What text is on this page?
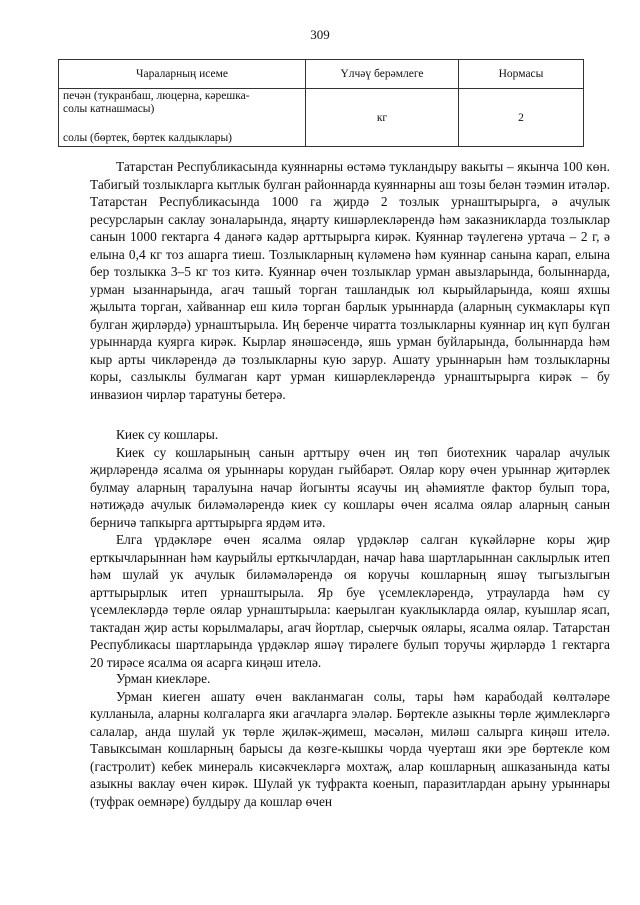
309
Чараларның исеме	Үлчәү берәмлеге	Нормасы

печән (тукранбаш, люцерна, кәрешка-
солы катнашмасы)
солы (бөртек, бөртек калдыклары)	кг	2

Татарстан Республикасында куяннарны өстәмә тукландыру вакыты – якынча 100 көн. Табигый тозлыкларга кытлык булган районнарда куяннарны аш тозы белән тәэмин итәләр. Татарстан Республикасында 1000 га җирдә 2 тозлык урнаштырырга, ә ачулык ресурсларын саклау зоналарында, яңарту кишәрлекләрендә һәм заказникларда тозлыклар санын 1000 гектарга 4 данәгә кадәр арттырырга кирәк. Куяннар тәүлегенә уртача – 2 г, ә елына 0,4 кг тоз ашарга тиеш. Тозлыкларның күләменә һәм куяннар санына карап, елына бер тозлыкка 3–5 кг тоз китә. Куяннар өчен тозлыклар урман авызларында, болыннарда, урман ызаннарында, агач ташый торган ташландык юл кырыйларында, кояш яхшы җылыта торган, хайваннар еш килә торган барлык урыннарда (аларның сукмаклары күп булган җирләрдә) урнаштырыла. Иң беренче чиратта тозлыкларны куяннар иң күп булган урыннарда куярга кирәк. Кырлар янәшәсендә, яшь урман буйларында, болыннарда һәм кыр арты чикләрендә дә тозлыкларны кую зарур. Ашату урыннарын һәм тозлыкларны коры, сазлыклы булмаган карт урман кишәрлекләрендә урнаштырырга кирәк – бу инвазион чирләр таратуны бетерә.

Киек су кошлары.

Киек су кошларының санын арттыру өчен иң төп биотехник чаралар ачулык җирләрендә ясалма оя урыннары корудан гыйбарәт. Оялар кору өчен урыннар җитәрлек булмау аларның таралуына начар йогынты ясаучы иң әһәмиятле фактор булып тора, нәтиҗәдә ачулык биләмәләрендә киек су кошлары өчен ясалма оялар аларның санын берничә тапкырга арттырырга ярдәм итә.

Елга үрдәкләре өчен ясалма оялар үрдәкләр салган күкәйләрне коры җир ерткычларыннан һәм каурыйлы ерткычлардан, начар һава шартларыннан саклырлык итеп һәм шулай ук ачулык биләмәләрендә оя коручы кошларның яшәү тыгызлыгын арттырырлык итеп урнаштырыла. Яр буе үсемлекләрендә, утрауларда һәм су үсемлекләрдә төрле оялар урнаштырыла: каерылган куаклыкларда оялар, куышлар ясап, тактадан җир асты корылмалары, агач йортлар, сыерчык оялары, ясалма оялар. Татарстан Республикасы шартларында үрдәкләр яшәү тирәлеге булып торучы җирләрдә 1 гектарга 20 тирәсе ясалма оя асарга киңәш ителә.

Урман киекләре.

Урман киеген ашату өчен вакланмаган солы, тары һәм карабодай көлтәләре кулланыла, аларны колгаларга яки агачларга эләләр. Бөртекле азыкны төрле җимлекләргә салалар, анда шулай ук төрле җиләк-җимеш, мәсәлән, миләш салырга киңәш ителә. Тавыксыман кошларның барысы да көзге-кышкы чорда чуерташ яки эре бөртекле ком (гастролит) кебек минераль кисәкчекләргә мохтаҗ, алар кошларның ашказанында каты азыкны ваклау өчен кирәк. Шулай ук туфракта коенып, паразитлардан арыну урыннары (туфрак оемнәре) булдыру да кошлар өчен
